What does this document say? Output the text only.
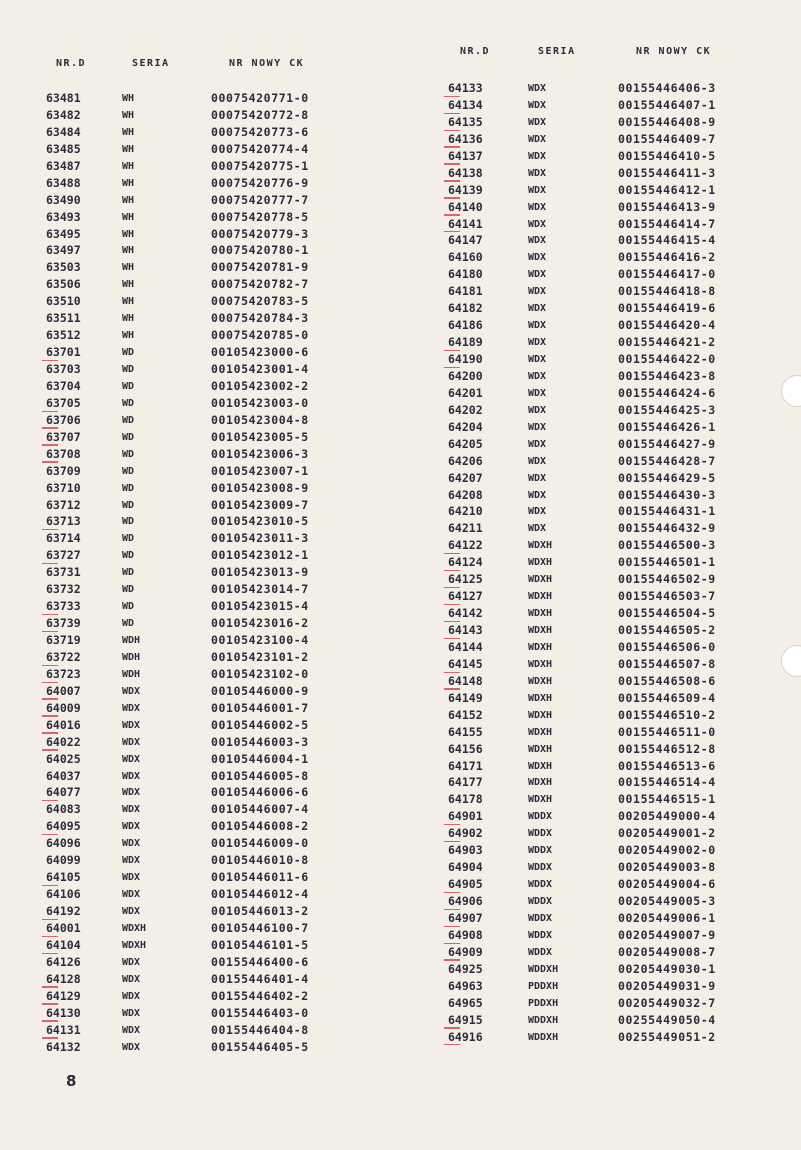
NR.D	SERIA	NR NOWY CK
63481	WH	00075420771-0
63482	WH	00075420772-8
63484	WH	00075420773-6
63485	WH	00075420774-4
63487	WH	00075420775-1
63488	WH	00075420776-9
63490	WH	00075420777-7
63493	WH	00075420778-5
63495	WH	00075420779-3
63497	WH	00075420780-1
63503	WH	00075420781-9
63506	WH	00075420782-7
63510	WH	00075420783-5
63511	WH	00075420784-3
63512	WH	00075420785-0
63701	WD	00105423000-6
63703	WD	00105423001-4
63704	WD	00105423002-2
63705	WD	00105423003-0
63706	WD	00105423004-8
63707	WD	00105423005-5
63708	WD	00105423006-3
63709	WD	00105423007-1
63710	WD	00105423008-9
63712	WD	00105423009-7
63713	WD	00105423010-5
63714	WD	00105423011-3
63727	WD	00105423012-1
63731	WD	00105423013-9
63732	WD	00105423014-7
63733	WD	00105423015-4
63739	WD	00105423016-2
63719	WDH	00105423100-4
63722	WDH	00105423101-2
63723	WDH	00105423102-0
64007	WDX	00105446000-9
64009	WDX	00105446001-7
64016	WDX	00105446002-5
64022	WDX	00105446003-3
64025	WDX	00105446004-1
64037	WDX	00105446005-8
64077	WDX	00105446006-6
64083	WDX	00105446007-4
64095	WDX	00105446008-2
64096	WDX	00105446009-0
64099	WDX	00105446010-8
64105	WDX	00105446011-6
64106	WDX	00105446012-4
64192	WDX	00105446013-2
64001	WDXH	00105446100-7
64104	WDXH	00105446101-5
64126	WDX	00155446400-6
64128	WDX	00155446401-4
64129	WDX	00155446402-2
64130	WDX	00155446403-0
64131	WDX	00155446404-8
64132	WDX	00155446405-5
NR.D	SERIA	NR NOWY CK
64133	WDX	00155446406-3
64134	WDX	00155446407-1
64135	WDX	00155446408-9
64136	WDX	00155446409-7
64137	WDX	00155446410-5
64138	WDX	00155446411-3
64139	WDX	00155446412-1
64140	WDX	00155446413-9
64141	WDX	00155446414-7
64147	WDX	00155446415-4
64160	WDX	00155446416-2
64180	WDX	00155446417-0
64181	WDX	00155446418-8
64182	WDX	00155446419-6
64186	WDX	00155446420-4
64189	WDX	00155446421-2
64190	WDX	00155446422-0
64200	WDX	00155446423-8
64201	WDX	00155446424-6
64202	WDX	00155446425-3
64204	WDX	00155446426-1
64205	WDX	00155446427-9
64206	WDX	00155446428-7
64207	WDX	00155446429-5
64208	WDX	00155446430-3
64210	WDX	00155446431-1
64211	WDX	00155446432-9
64122	WDXH	00155446500-3
64124	WDXH	00155446501-1
64125	WDXH	00155446502-9
64127	WDXH	00155446503-7
64142	WDXH	00155446504-5
64143	WDXH	00155446505-2
64144	WDXH	00155446506-0
64145	WDXH	00155446507-8
64148	WDXH	00155446508-6
64149	WDXH	00155446509-4
64152	WDXH	00155446510-2
64155	WDXH	00155446511-0
64156	WDXH	00155446512-8
64171	WDXH	00155446513-6
64177	WDXH	00155446514-4
64178	WDXH	00155446515-1
64901	WDDX	00205449000-4
64902	WDDX	00205449001-2
64903	WDDX	00205449002-0
64904	WDDX	00205449003-8
64905	WDDX	00205449004-6
64906	WDDX	00205449005-3
64907	WDDX	00205449006-1
64908	WDDX	00205449007-9
64909	WDDX	00205449008-7
64925	WDDXH	00205449030-1
64963	PDDXH	00205449031-9
64965	PDDXH	00205449032-7
64915	WDDXH	00255449050-4
64916	WDDXH	00255449051-2
8
